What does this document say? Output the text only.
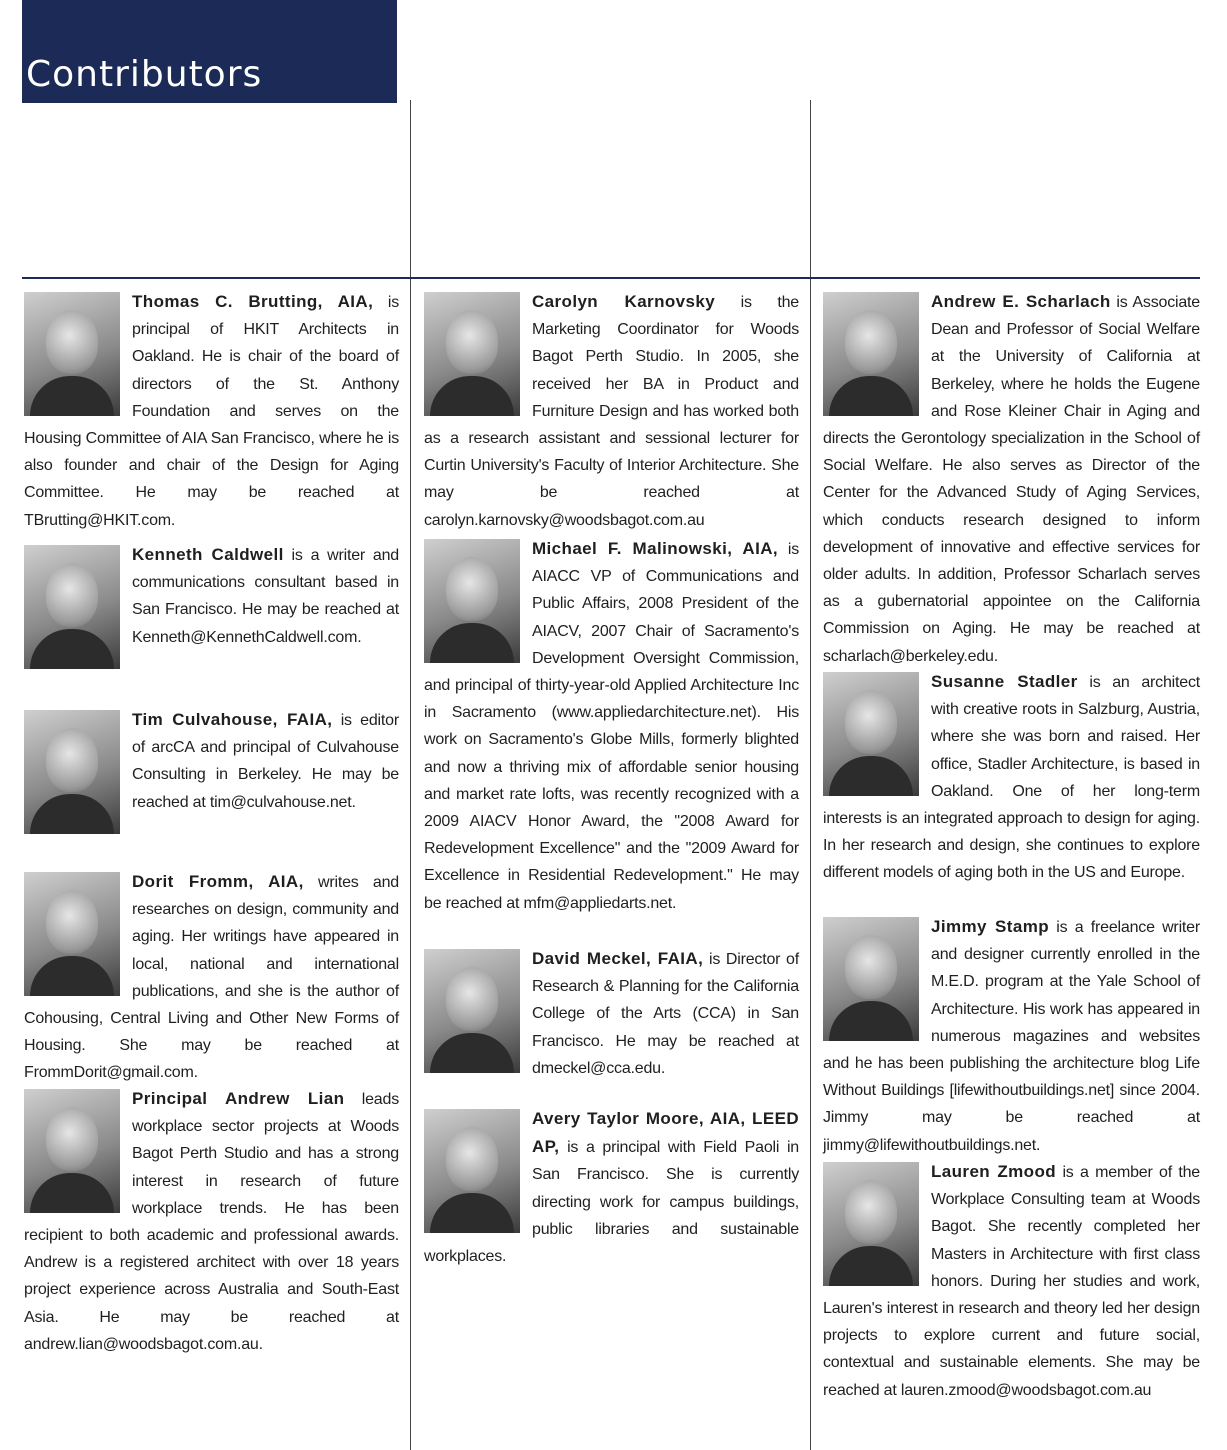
Contributors

Thomas C. Brutting, AIA, is principal of HKIT Architects in Oakland. He is chair of the board of directors of the St. Anthony Foundation and serves on the Housing Committee of AIA San Francisco, where he is also founder and chair of the Design for Aging Committee. He may be reached at TBrutting@HKIT.com.

Kenneth Caldwell is a writer and communications consultant based in San Francisco. He may be reached at Kenneth@KennethCaldwell.com.

Tim Culvahouse, FAIA, is editor of arcCA and principal of Culvahouse Consulting in Berkeley. He may be reached at tim@culvahouse.net.

Dorit Fromm, AIA, writes and researches on design, community and aging. Her writings have appeared in local, national and international publications, and she is the author of Cohousing, Central Living and Other New Forms of Housing. She may be reached at FrommDorit@gmail.com.

Principal Andrew Lian leads workplace sector projects at Woods Bagot Perth Studio and has a strong interest in research of future workplace trends. He has been recipient to both academic and professional awards. Andrew is a registered architect with over 18 years project experience across Australia and South-East Asia. He may be reached at andrew.lian@woodsbagot.com.au.

Carolyn Karnovsky is the Marketing Coordinator for Woods Bagot Perth Studio. In 2005, she received her BA in Product and Furniture Design and has worked both as a research assistant and sessional lecturer for Curtin University's Faculty of Interior Architecture. She may be reached at carolyn.karnovsky@woodsbagot.com.au

Michael F. Malinowski, AIA, is AIACC VP of Communications and Public Affairs, 2008 President of the AIACV, 2007 Chair of Sacramento's Development Oversight Commission, and principal of thirty-year-old Applied Architecture Inc in Sacramento (www.appliedarchitecture.net). His work on Sacramento's Globe Mills, formerly blighted and now a thriving mix of affordable senior housing and market rate lofts, was recently recognized with a 2009 AIACV Honor Award, the "2008 Award for Redevelopment Excellence" and the "2009 Award for Excellence in Residential Redevelopment." He may be reached at mfm@appliedarts.net.

David Meckel, FAIA, is Director of Research & Planning for the California College of the Arts (CCA) in San Francisco. He may be reached at dmeckel@cca.edu.

Avery Taylor Moore, AIA, LEED AP, is a principal with Field Paoli in San Francisco. She is currently directing work for campus buildings, public libraries and sustainable workplaces.

Andrew E. Scharlach is Associate Dean and Professor of Social Welfare at the University of California at Berkeley, where he holds the Eugene and Rose Kleiner Chair in Aging and directs the Gerontology specialization in the School of Social Welfare. He also serves as Director of the Center for the Advanced Study of Aging Services, which conducts research designed to inform development of innovative and effective services for older adults. In addition, Professor Scharlach serves as a gubernatorial appointee on the California Commission on Aging. He may be reached at scharlach@berkeley.edu.

Susanne Stadler is an architect with creative roots in Salzburg, Austria, where she was born and raised. Her office, Stadler Architecture, is based in Oakland. One of her long-term interests is an integrated approach to design for aging. In her research and design, she continues to explore different models of aging both in the US and Europe.

Jimmy Stamp is a freelance writer and designer currently enrolled in the M.E.D. program at the Yale School of Architecture. His work has appeared in numerous magazines and websites and he has been publishing the architecture blog Life Without Buildings [lifewithoutbuildings.net] since 2004. Jimmy may be reached at jimmy@lifewithoutbuildings.net.

Lauren Zmood is a member of the Workplace Consulting team at Woods Bagot. She recently completed her Masters in Architecture with first class honors. During her studies and work, Lauren's interest in research and theory led her design projects to explore current and future social, contextual and sustainable elements. She may be reached at lauren.zmood@woodsbagot.com.au
